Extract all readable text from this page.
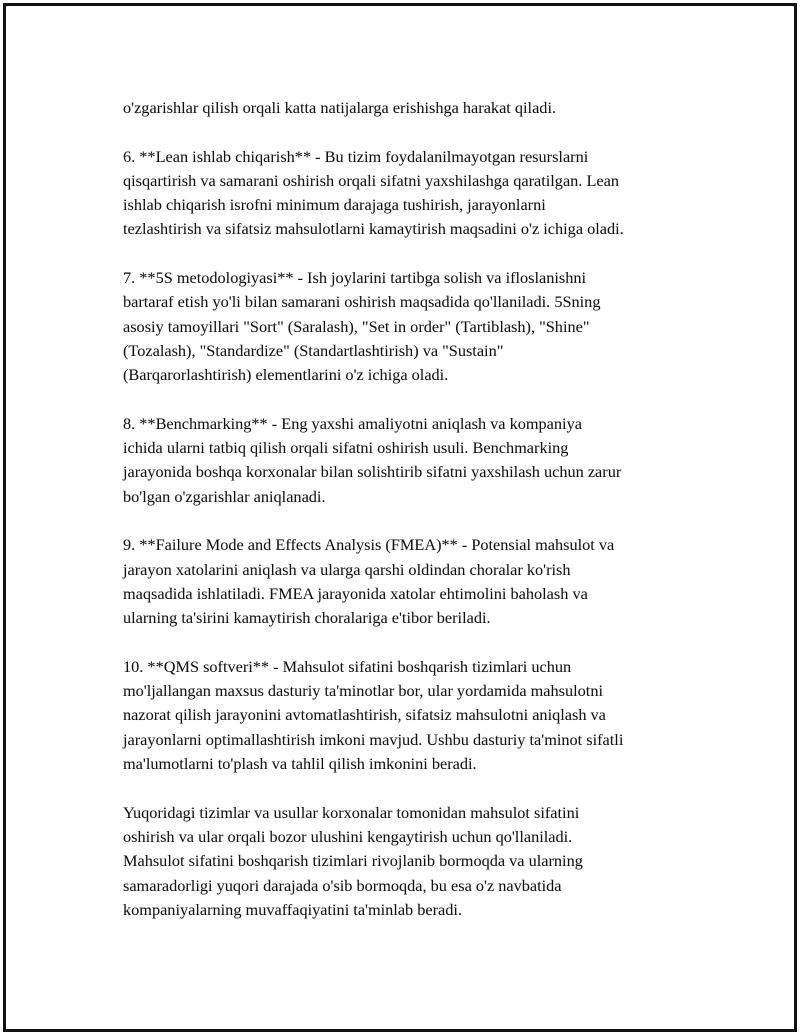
o'zgarishlar qilish orqali katta natijalarga erishishga harakat qiladi.

6. **Lean ishlab chiqarish** - Bu tizim foydalanilmayotgan resurslarni
qisqartirish va samarani oshirish orqali sifatni yaxshilashga qaratilgan. Lean
ishlab chiqarish isrofni minimum darajaga tushirish, jarayonlarni
tezlashtirish va sifatsiz mahsulotlarni kamaytirish maqsadini o'z ichiga oladi.

7. **5S metodologiyasi** - Ish joylarini tartibga solish va ifloslanishni
bartaraf etish yo'li bilan samarani oshirish maqsadida qo'llaniladi. 5Sning
asosiy tamoyillari "Sort" (Saralash), "Set in order" (Tartiblash), "Shine"
(Tozalash), "Standardize" (Standartlashtirish) va "Sustain"
(Barqarorlashtirish) elementlarini o'z ichiga oladi.

8. **Benchmarking** - Eng yaxshi amaliyotni aniqlash va kompaniya
ichida ularni tatbiq qilish orqali sifatni oshirish usuli. Benchmarking
jarayonida boshqa korxonalar bilan solishtirib sifatni yaxshilash uchun zarur
bo'lgan o'zgarishlar aniqlanadi.

9. **Failure Mode and Effects Analysis (FMEA)** - Potensial mahsulot va
jarayon xatolarini aniqlash va ularga qarshi oldindan choralar ko'rish
maqsadida ishlatiladi. FMEA jarayonida xatolar ehtimolini baholash va
ularning ta'sirini kamaytirish choralariga e'tibor beriladi.

10. **QMS softveri** - Mahsulot sifatini boshqarish tizimlari uchun
mo'ljallangan maxsus dasturiy ta'minotlar bor, ular yordamida mahsulotni
nazorat qilish jarayonini avtomatlashtirish, sifatsiz mahsulotni aniqlash va
jarayonlarni optimallashtirish imkoni mavjud. Ushbu dasturiy ta'minot sifatli
ma'lumotlarni to'plash va tahlil qilish imkonini beradi.

Yuqoridagi tizimlar va usullar korxonalar tomonidan mahsulot sifatini
oshirish va ular orqali bozor ulushini kengaytirish uchun qo'llaniladi.
Mahsulot sifatini boshqarish tizimlari rivojlanib bormoqda va ularning
samaradorligi yuqori darajada o'sib bormoqda, bu esa o'z navbatida
kompaniyalarning muvaffaqiyatini ta'minlab beradi.
